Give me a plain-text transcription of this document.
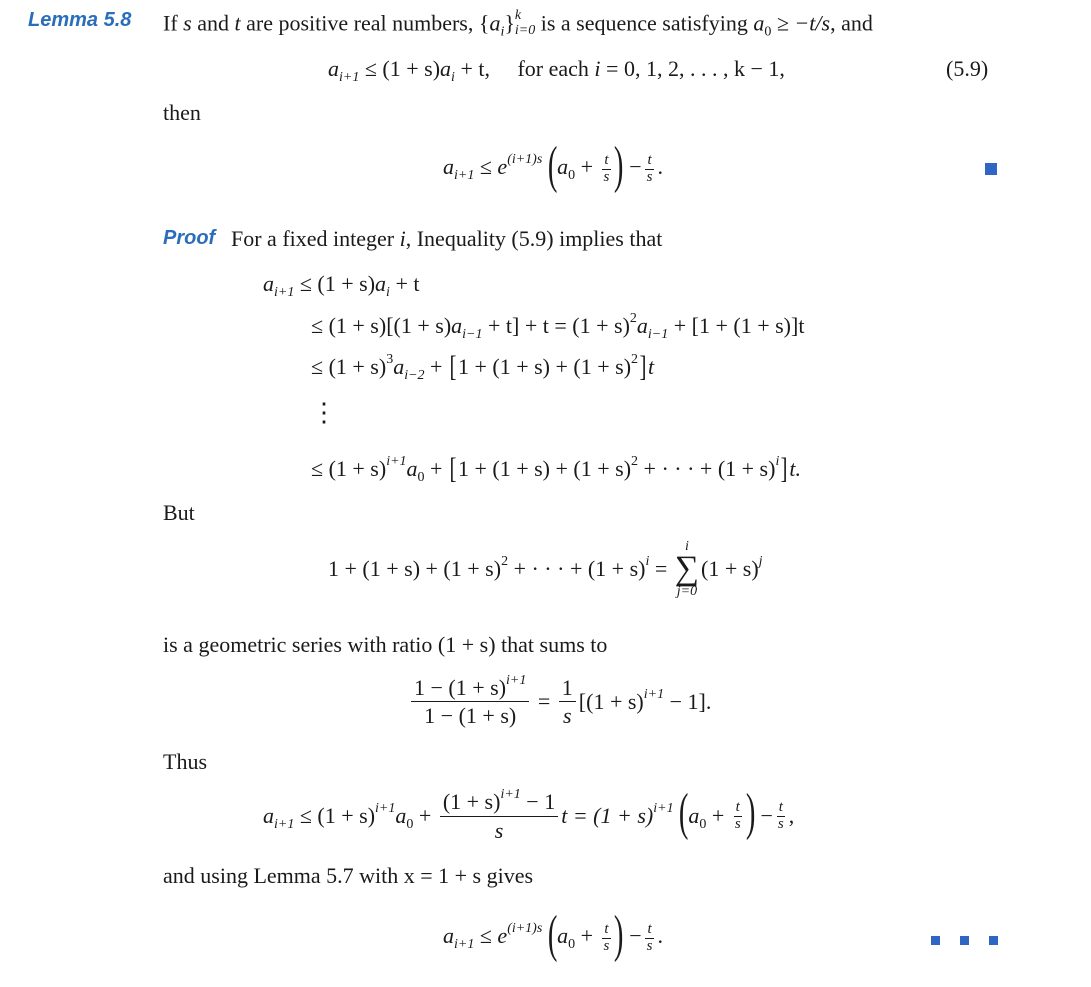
Lemma 5.8 If s and t are positive real numbers, $\{a_i\}$ k
i=0 is a sequence satisfying $a_0 \ge -t/s$, and
$a_{i+1} \le (1 + s)a_i + t$, for each i = 0, 1, 2, . . . , k − 1,	(5.9)
then
$a_{i+1} \le e^{(i+1)s}$ ($a_0 + \frac{t}{s}$ ) − $\frac{t}{s}$ .
Proof For a fixed integer i, Inequality (5.9) implies that
$a_{i+1} \le (1 + s)a_i + t$
≤ $(1 + s)[(1 + s)a_{i-1} + t] + t = (1 + s)^2a_{i-1} + [1 + (1 + s)]t$
≤ $(1 + s)^3a_{i-2} + [1 + (1 + s) + (1 + s)^2]t$
⋮
≤ $(1 + s)^{i+1}a_0 + [1 + (1 + s) + (1 + s)^2$ + · · · + $(1 + s)^i]t$.
But
$1 + (1 + s) + (1 + s)^2$ + · · · + $(1 + s)^i$ =
i
∑
j=0
$(1 + s)^j$
is a geometric series with ratio (1 + s) that sums to
$\frac{1 - (1 + s)^{i+1}}{1 - (1 + s)} = \frac{1}{s} [(1 + s)^{i+1} - 1]$.
Thus
$a_{i+1} \le (1 + s)^{i+1}a_0 + \frac{(1 + s)^{i+1} - 1}{s}$ $t = (1 + s)^{i+1}$ ($a_0 + \frac{t}{s}$ ) − $\frac{t}{s}$ ,
and using Lemma 5.7 with x = 1 + s gives
$a_{i+1} \le e^{(i+1)s}$ ($a_0 + \frac{t}{s}$ ) − $\frac{t}{s}$ .
